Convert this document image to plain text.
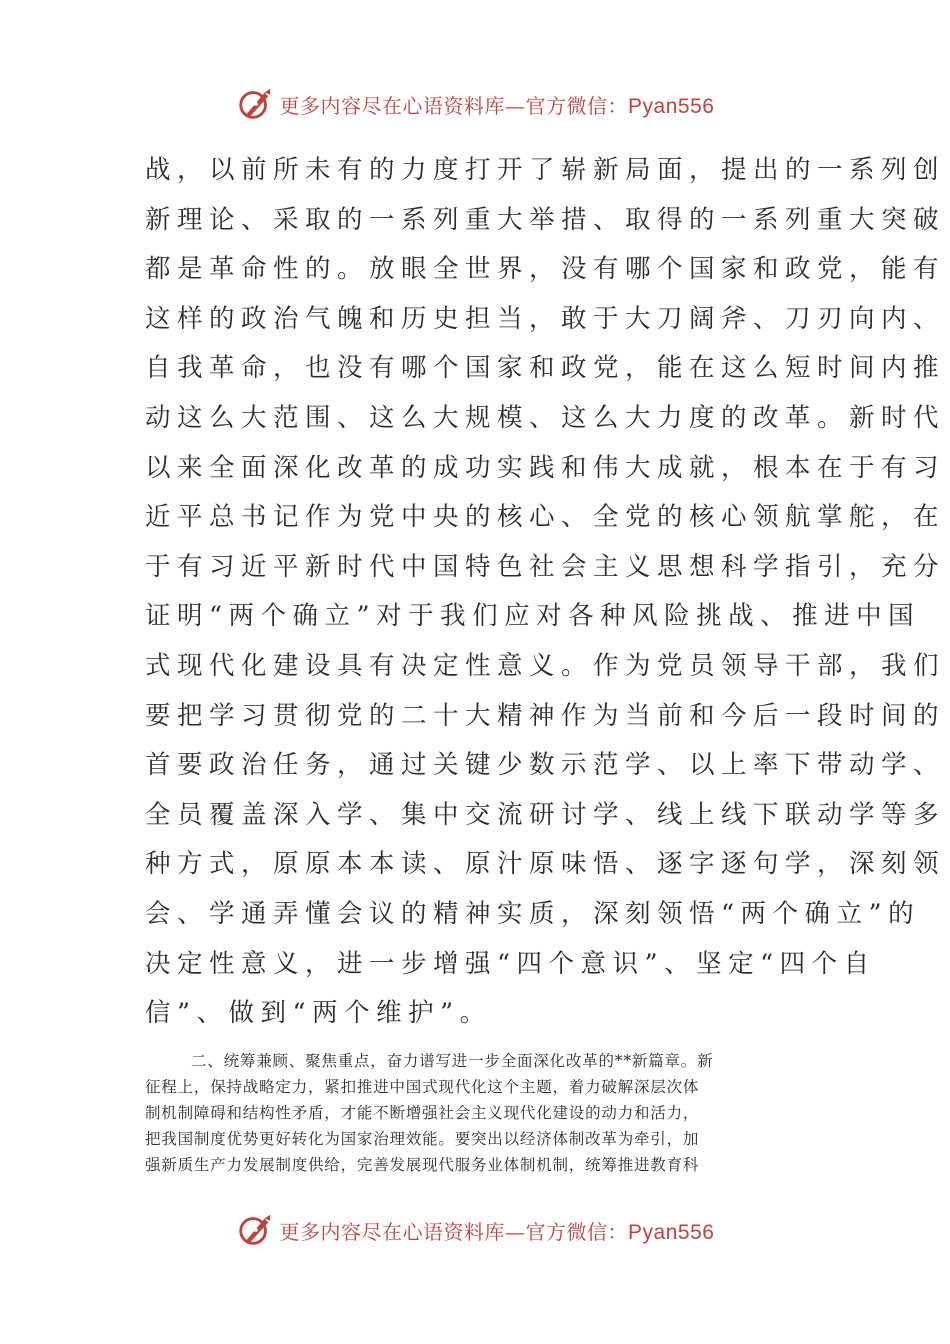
更多内容尽在心语资料库—官方微信：Pyan556
战，以前所未有的力度打开了崭新局面，提出的一系列创
新理论、采取的一系列重大举措、取得的一系列重大突破
都是革命性的。放眼全世界，没有哪个国家和政党，能有
这样的政治气魄和历史担当，敢于大刀阔斧、刀刃向内、
自我革命，也没有哪个国家和政党，能在这么短时间内推
动这么大范围、这么大规模、这么大力度的改革。新时代
以来全面深化改革的成功实践和伟大成就，根本在于有习
近平总书记作为党中央的核心、全党的核心领航掌舵，在
于有习近平新时代中国特色社会主义思想科学指引，充分
证明“两个确立”对于我们应对各种风险挑战、推进中国
式现代化建设具有决定性意义。作为党员领导干部，我们
要把学习贯彻党的二十大精神作为当前和今后一段时间的
首要政治任务，通过关键少数示范学、以上率下带动学、
全员覆盖深入学、集中交流研讨学、线上线下联动学等多
种方式，原原本本读、原汁原味悟、逐字逐句学，深刻领
会、学通弄懂会议的精神实质，深刻领悟“两个确立”的
决定性意义，进一步增强“四个意识”、坚定“四个自
信”、做到“两个维护”。
二、统筹兼顾、聚焦重点，奋力谱写进一步全面深化改革的**新篇章。新
征程上，保持战略定力，紧扣推进中国式现代化这个主题，着力破解深层次体
制机制障碍和结构性矛盾，才能不断增强社会主义现代化建设的动力和活力，
把我国制度优势更好转化为国家治理效能。要突出以经济体制改革为牵引，加
强新质生产力发展制度供给，完善发展现代服务业体制机制，统筹推进教育科
更多内容尽在心语资料库—官方微信：Pyan556
